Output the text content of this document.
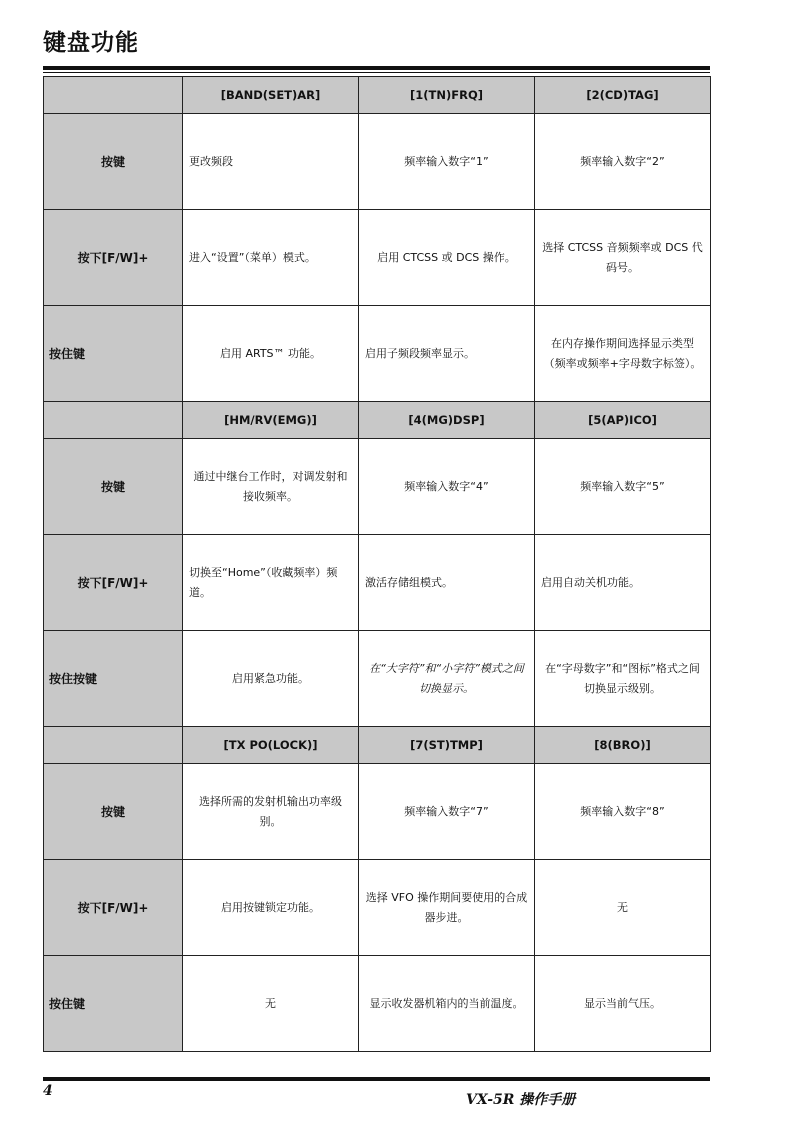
键盘功能
	[BAND(SET)AR]	[1(TN)FRQ]	[2(CD)TAG]
按键	更改频段	频率输入数字“1”	频率输入数字“2”
按下[F/W]+	进入“设置”（菜单）模式。	启用 CTCSS 或 DCS 操作。	选择 CTCSS 音频频率或 DCS 代码号。
按住键	启用 ARTS™ 功能。	启用子频段频率显示。	在内存操作期间选择显示类型（频率或频率+字母数字标签）。
	[HM/RV(EMG)]	[4(MG)DSP]	[5(AP)ICO]
按键	通过中继台工作时，对调发射和接收频率。	频率输入数字“4”	频率输入数字“5”
按下[F/W]+	切换至“Home”（收藏频率）频道。	激活存储组模式。	启用自动关机功能。
按住按键	启用紧急功能。	在“大字符”和“小字符”模式之间切换显示。	在“字母数字”和“图标”格式之间切换显示级别。
	[TX PO(LOCK)]	[7(ST)TMP]	[8(BRO)]
按键	选择所需的发射机输出功率级别。	频率输入数字“7”	频率输入数字“8”
按下[F/W]+	启用按键锁定功能。	选择 VFO 操作期间要使用的合成器步进。	无
按住键	无	显示收发器机箱内的当前温度。	显示当前气压。
4
VX-5R 操作手册
